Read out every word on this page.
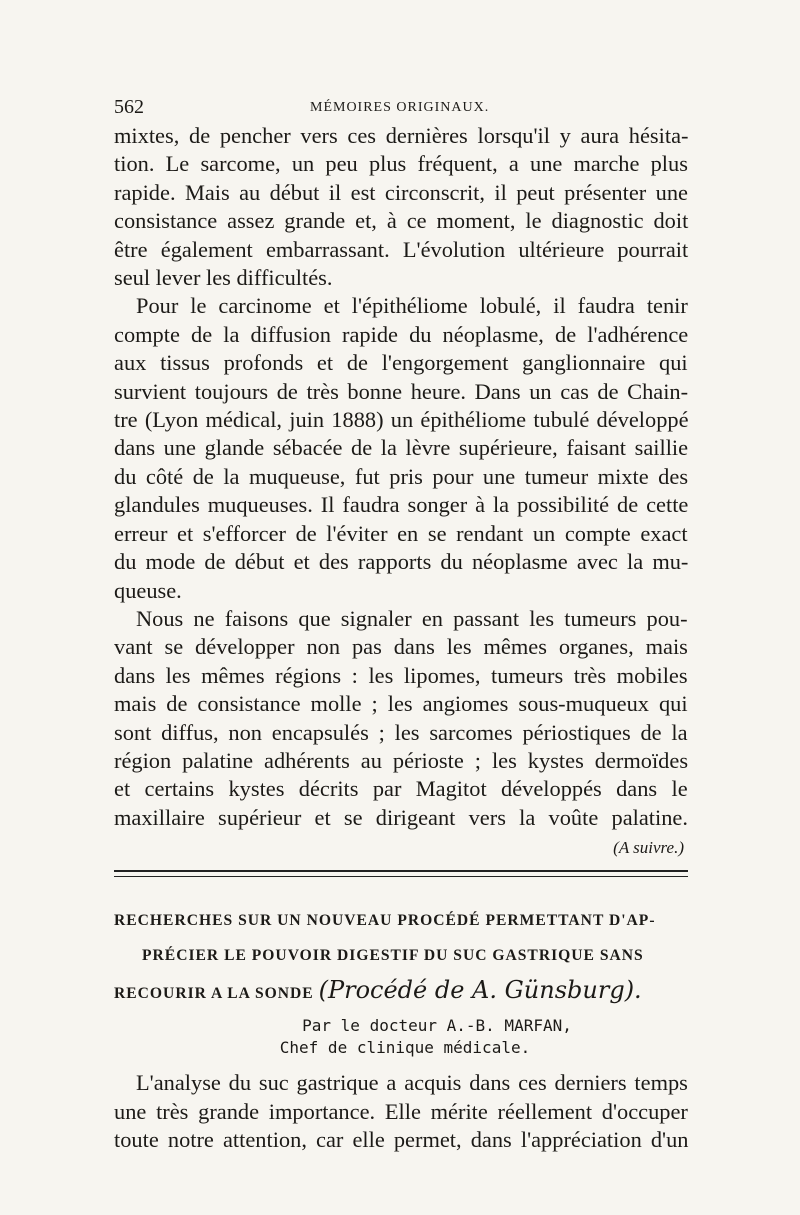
562	MÉMOIRES ORIGINAUX.

mixtes, de pencher vers ces dernières lorsqu'il y aura hésita-
tion. Le sarcome, un peu plus fréquent, a une marche plus
rapide. Mais au début il est circonscrit, il peut présenter une
consistance assez grande et, à ce moment, le diagnostic doit
être également embarrassant. L'évolution ultérieure pourrait
seul lever les difficultés.

Pour le carcinome et l'épithéliome lobulé, il faudra tenir
compte de la diffusion rapide du néoplasme, de l'adhérence
aux tissus profonds et de l'engorgement ganglionnaire qui
survient toujours de très bonne heure. Dans un cas de Chain-
tre (Lyon médical, juin 1888) un épithéliome tubulé développé
dans une glande sébacée de la lèvre supérieure, faisant saillie
du côté de la muqueuse, fut pris pour une tumeur mixte des
glandules muqueuses. Il faudra songer à la possibilité de cette
erreur et s'efforcer de l'éviter en se rendant un compte exact
du mode de début et des rapports du néoplasme avec la mu-
queuse.

Nous ne faisons que signaler en passant les tumeurs pou-
vant se développer non pas dans les mêmes organes, mais
dans les mêmes régions : les lipomes, tumeurs très mobiles
mais de consistance molle ; les angiomes sous-muqueux qui
sont diffus, non encapsulés ; les sarcomes périostiques de la
région palatine adhérents au périoste ; les kystes dermoïdes
et certains kystes décrits par Magitot développés dans le
maxillaire supérieur et se dirigeant vers la voûte palatine.

(A suivre.)
RECHERCHES SUR UN NOUVEAU PROCÉDÉ PERMETTANT D'AP-
PRÉCIER LE POUVOIR DIGESTIF DU SUC GASTRIQUE SANS
RECOURIR A LA SONDE (Procédé de A. Günsburg).
Par le docteur A.-B. MARFAN,
Chef de clinique médicale.

L'analyse du suc gastrique a acquis dans ces derniers temps
une très grande importance. Elle mérite réellement d'occuper
toute notre attention, car elle permet, dans l'appréciation d'un
